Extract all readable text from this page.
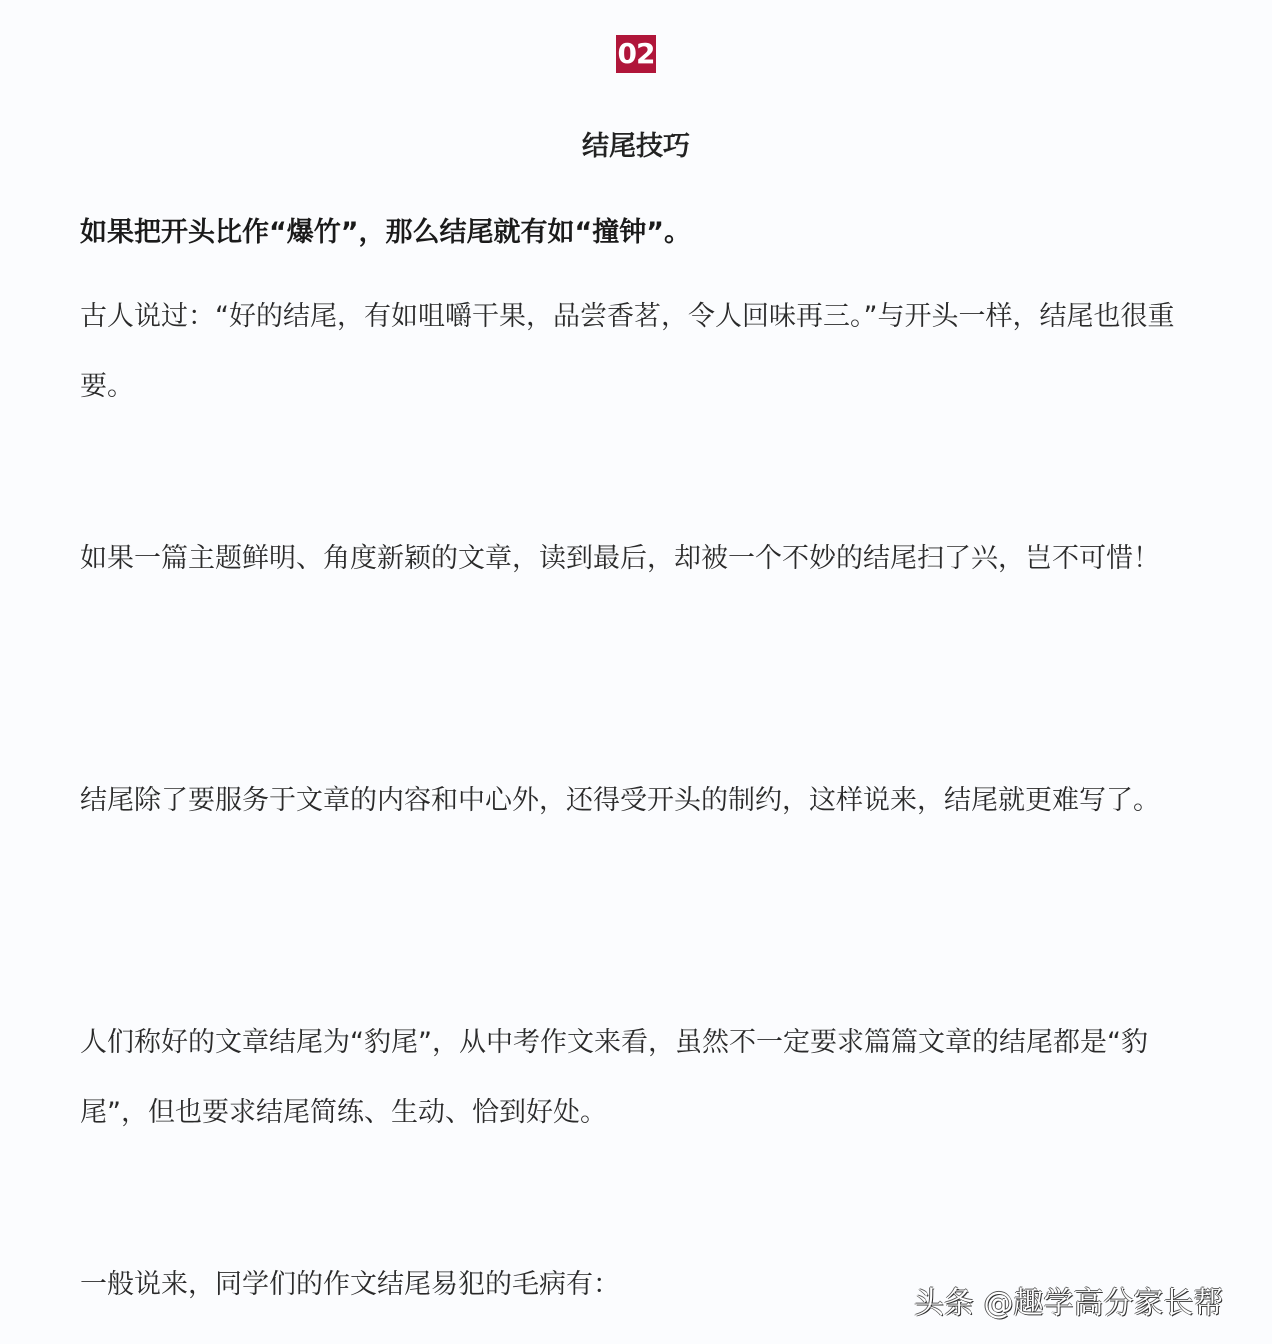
02
结尾技巧
如果把开头比作“爆竹”，那么结尾就有如“撞钟”。

古人说过：“好的结尾，有如咀嚼干果，品尝香茗，令人回味再三。”与开头一样，结尾也很重要。

如果一篇主题鲜明、角度新颖的文章，读到最后，却被一个不妙的结尾扫了兴，岂不可惜！

结尾除了要服务于文章的内容和中心外，还得受开头的制约，这样说来，结尾就更难写了。

人们称好的文章结尾为“豹尾”，从中考作文来看，虽然不一定要求篇篇文章的结尾都是“豹尾”，但也要求结尾简练、生动、恰到好处。

一般说来，同学们的作文结尾易犯的毛病有：

头条 @趣学高分家长帮
